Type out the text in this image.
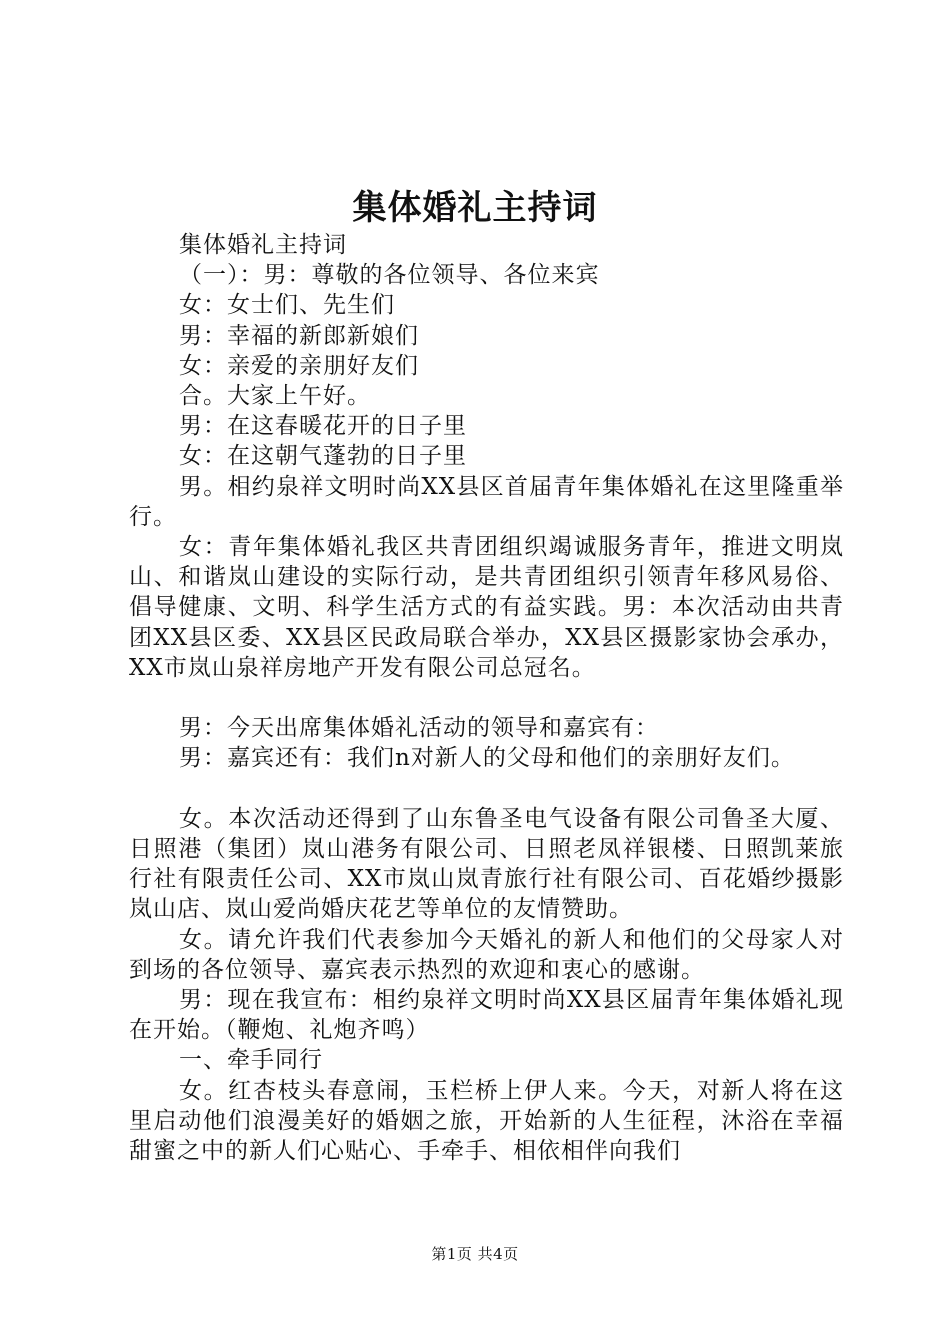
集体婚礼主持词

集体婚礼主持词

（一）：男：尊敬的各位领导、各位来宾

女：女士们、先生们

男：幸福的新郎新娘们

女：亲爱的亲朋好友们

合。大家上午好。

男：在这春暖花开的日子里

女：在这朝气蓬勃的日子里

男。相约泉祥文明时尚XX县区首届青年集体婚礼在这里隆重举行。

女：青年集体婚礼我区共青团组织竭诚服务青年，推进文明岚山、和谐岚山建设的实际行动，是共青团组织引领青年移风易俗、倡导健康、文明、科学生活方式的有益实践。男：本次活动由共青团XX县区委、XX县区民政局联合举办，XX县区摄影家协会承办，XX市岚山泉祥房地产开发有限公司总冠名。

男：今天出席集体婚礼活动的领导和嘉宾有：

男：嘉宾还有：我们n对新人的父母和他们的亲朋好友们。

女。本次活动还得到了山东鲁圣电气设备有限公司鲁圣大厦、日照港（集团）岚山港务有限公司、日照老凤祥银楼、日照凯莱旅行社有限责任公司、XX市岚山岚青旅行社有限公司、百花婚纱摄影岚山店、岚山爱尚婚庆花艺等单位的友情赞助。

女。请允许我们代表参加今天婚礼的新人和他们的父母家人对到场的各位领导、嘉宾表示热烈的欢迎和衷心的感谢。

男：现在我宣布：相约泉祥文明时尚XX县区届青年集体婚礼现在开始。（鞭炮、礼炮齐鸣）

一、牵手同行

女。红杏枝头春意闹，玉栏桥上伊人来。今天，对新人将在这里启动他们浪漫美好的婚姻之旅，开始新的人生征程，沐浴在幸福甜蜜之中的新人们心贴心、手牵手、相依相伴向我们

第1页 共4页
